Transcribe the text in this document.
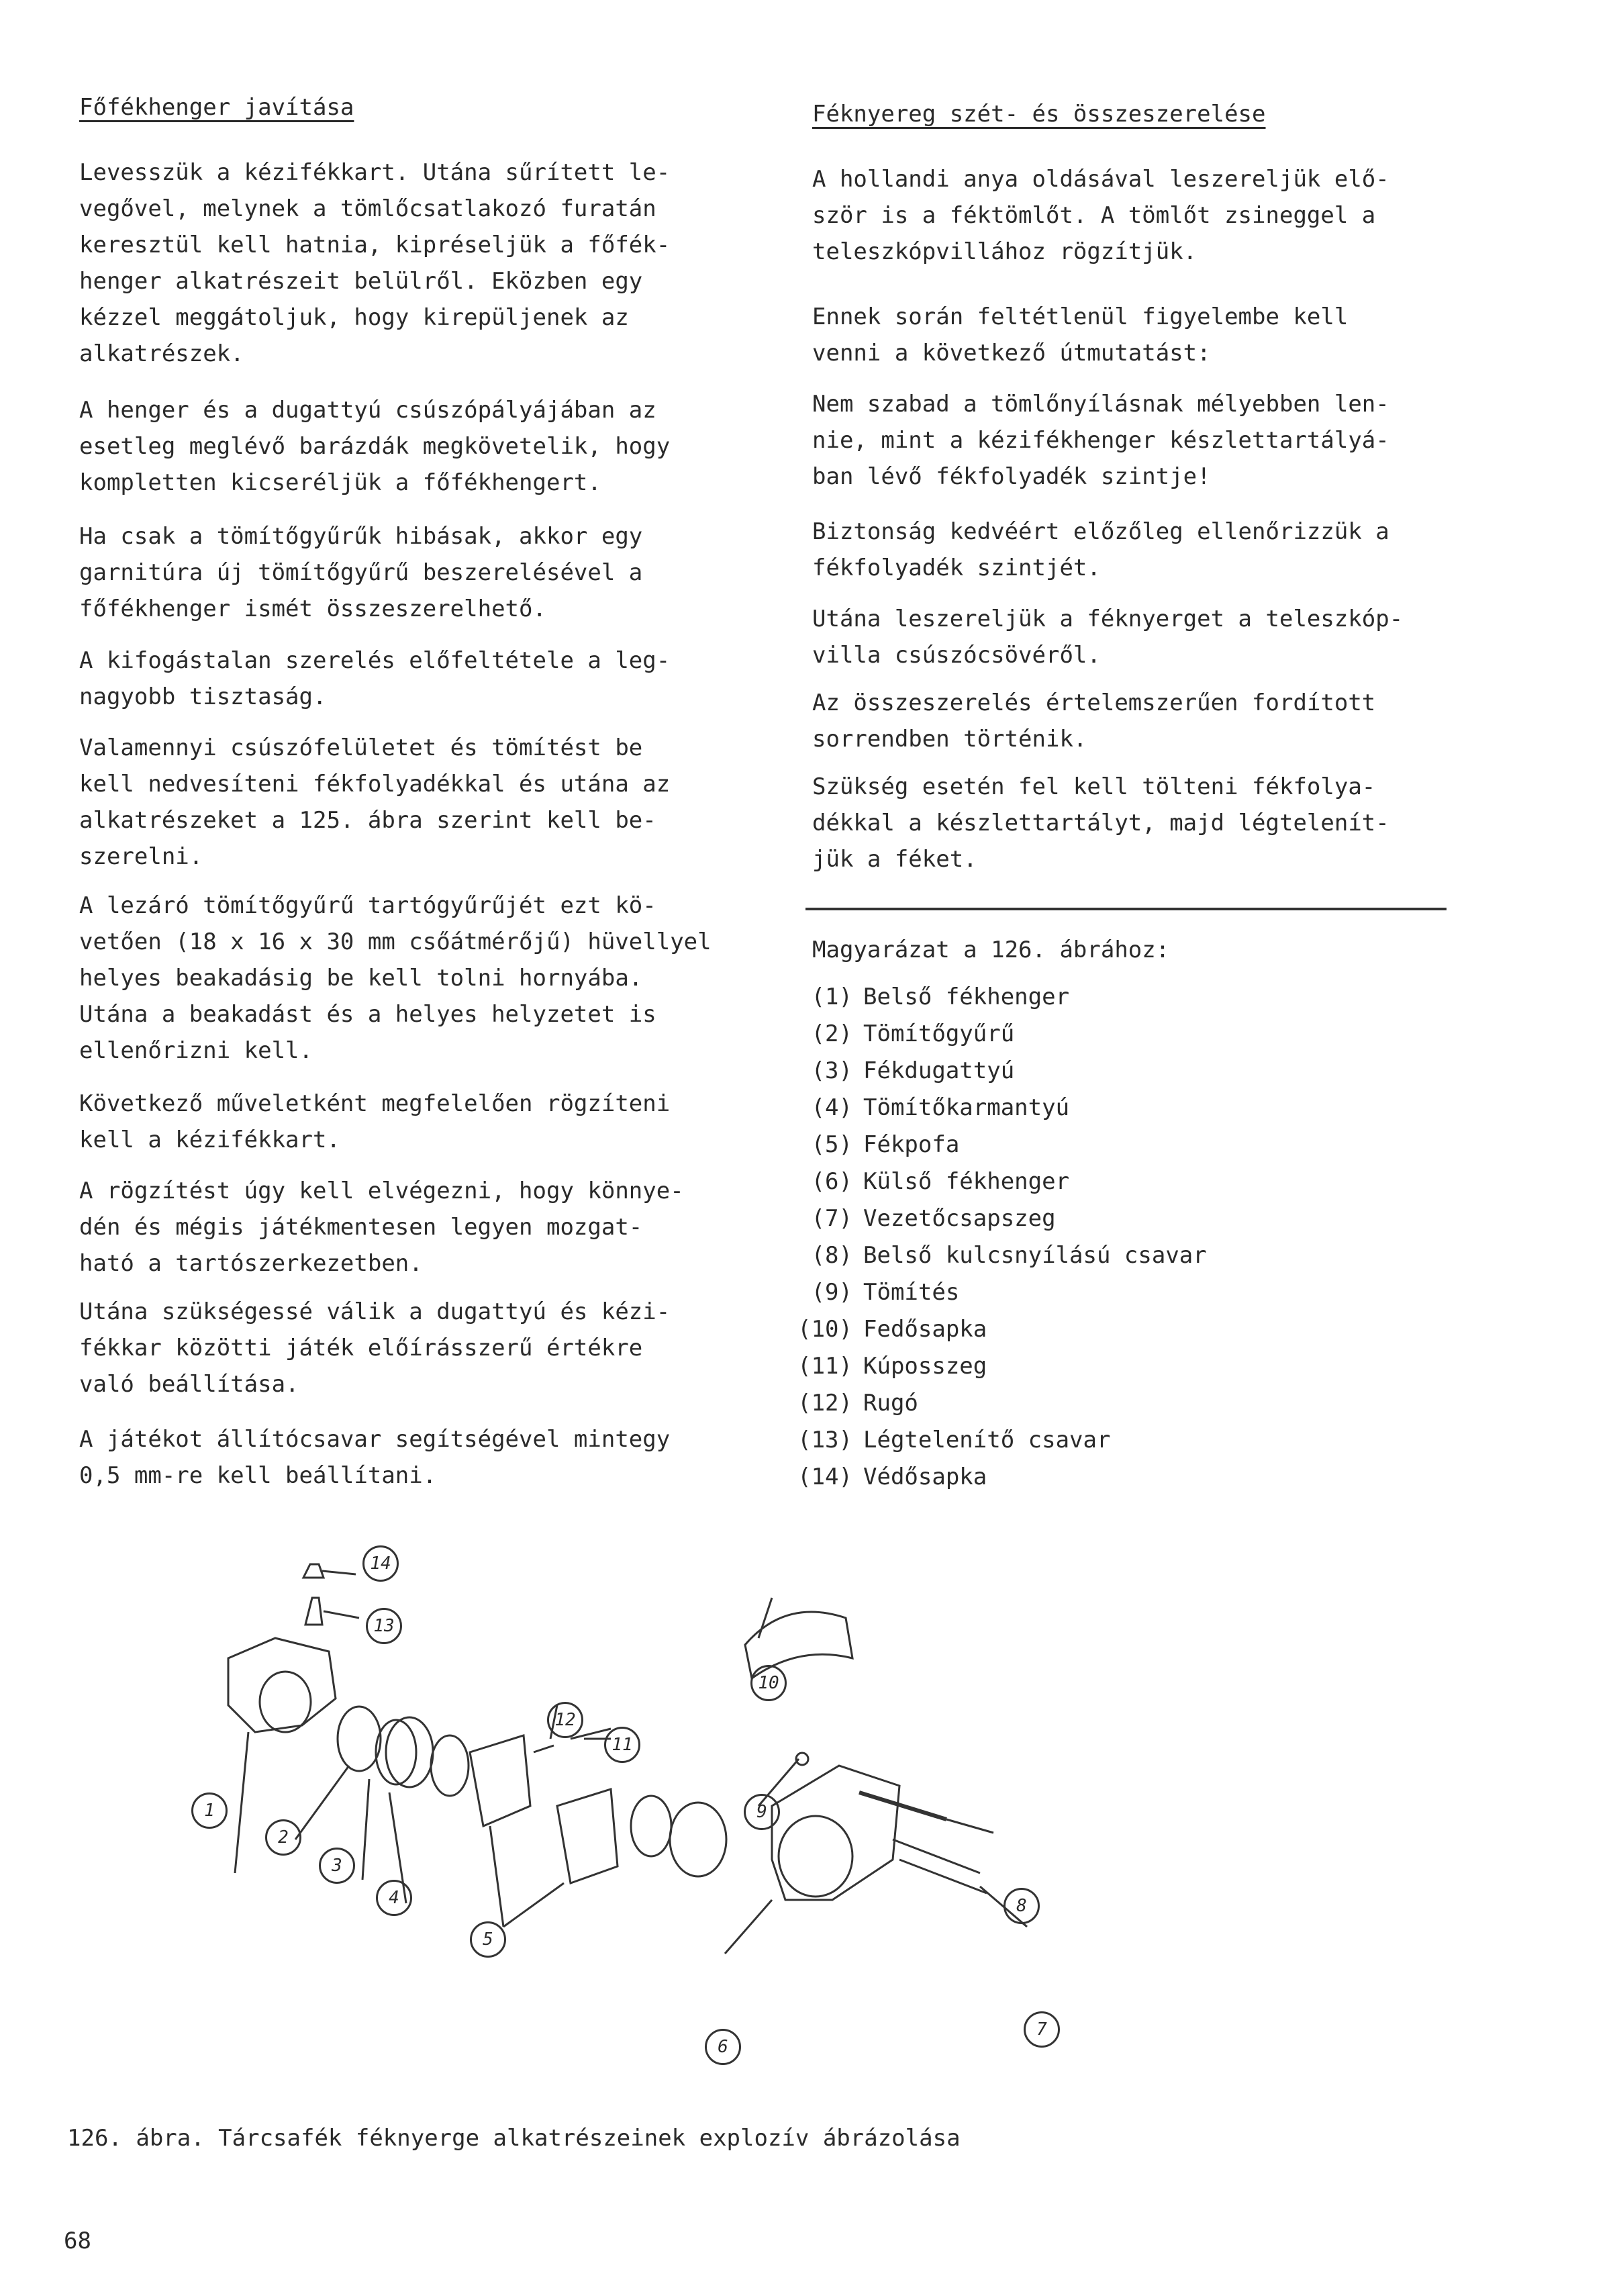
Főfékhenger javítása

Levesszük a kézifékkart. Utána sűrített le-
vegővel, melynek a tömlőcsatlakozó furatán
keresztül kell hatnia, kipréseljük a főfék-
henger alkatrészeit belülről. Eközben egy
kézzel meggátoljuk, hogy kirepüljenek az
alkatrészek.

A henger és a dugattyú csúszópályájában az
esetleg meglévő barázdák megkövetelik, hogy
kompletten kicseréljük a főfékhengert.

Ha csak a tömítőgyűrűk hibásak, akkor egy
garnitúra új tömítőgyűrű beszerelésével a
főfékhenger ismét összeszerelhető.

A kifogástalan szerelés előfeltétele a leg-
nagyobb tisztaság.

Valamennyi csúszófelületet és tömítést be
kell nedvesíteni fékfolyadékkal és utána az
alkatrészeket a 125. ábra szerint kell be-
szerelni.

A lezáró tömítőgyűrű tartógyűrűjét ezt kö-
vetően (18 x 16 x 30 mm csőátmérőjű) hüvellyel
helyes beakadásig be kell tolni hornyába.
Utána a beakadást és a helyes helyzetet is
ellenőrizni kell.

Következő műveletként megfelelően rögzíteni
kell a kézifékkart.

A rögzítést úgy kell elvégezni, hogy könnye-
dén és mégis játékmentesen legyen mozgat-
ható a tartószerkezetben.

Utána szükségessé válik a dugattyú és kézi-
fékkar közötti játék előírásszerű értékre
való beállítása.

A játékot állítócsavar segítségével mintegy
0,5 mm-re kell beállítani.

Féknyereg szét- és összeszerelése

A hollandi anya oldásával leszereljük elő-
ször is a féktömlőt. A tömlőt zsineggel a
teleszkópvillához rögzítjük.

Ennek során feltétlenül figyelembe kell
venni a következő útmutatást:

Nem szabad a tömlőnyílásnak mélyebben len-
nie, mint a kézifékhenger készlettartályá-
ban lévő fékfolyadék szintje!

Biztonság kedvéért előzőleg ellenőrizzük a
fékfolyadék szintjét.

Utána leszereljük a féknyerget a teleszkóp-
villa csúszócsövéről.

Az összeszerelés értelemszerűen fordított
sorrendben történik.

Szükség esetén fel kell tölteni fékfolya-
dékkal a készlettartályt, majd légtelenít-
jük a féket.

Magyarázat a 126. ábrához:
(1) Belső fékhenger
(2) Tömítőgyűrű
(3) Fékdugattyú
(4) Tömítőkarmantyú
(5) Fékpofa
(6) Külső fékhenger
(7) Vezetőcsapszeg
(8) Belső kulcsnyílású csavar
(9) Tömítés
(10) Fedősapka
(11) Kúposszeg
(12) Rugó
(13) Légtelenítő csavar
(14) Védősapka
14
13
12
11
10
9
8
7
6
5
4
3
2
1
126. ábra. Tárcsafék féknyerge alkatrészeinek explozív ábrázolása
68
